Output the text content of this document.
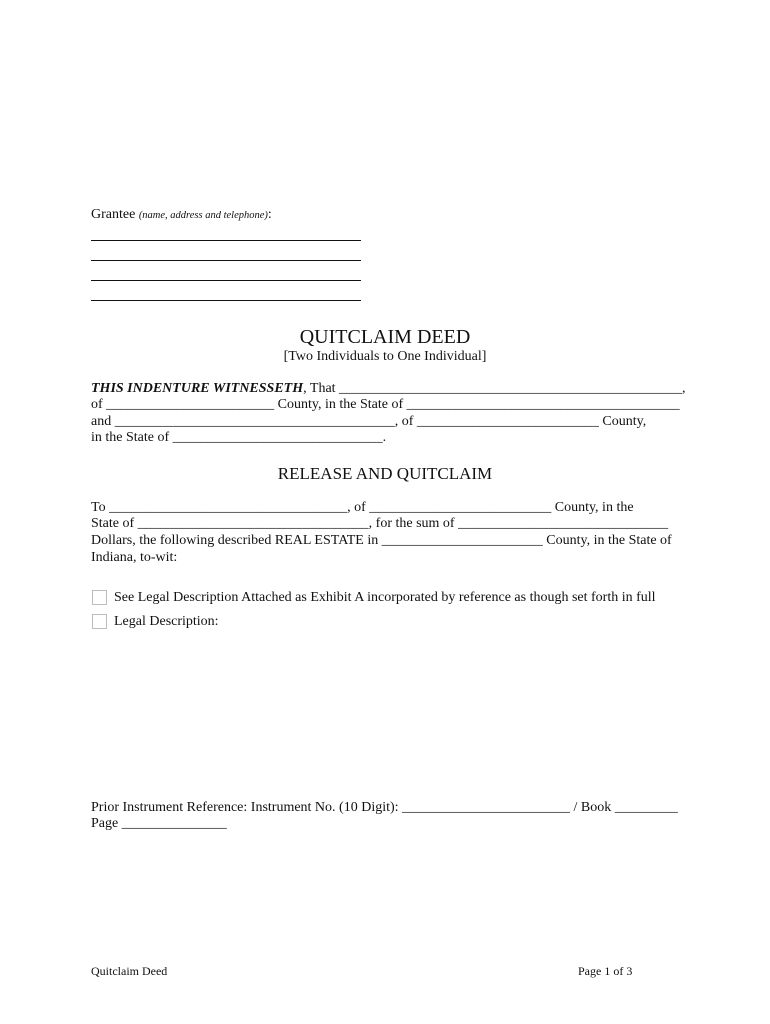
Grantee (name, address and telephone):
QUITCLAIM DEED
[Two Individuals to One Individual]
THIS INDENTURE WITNESSETH, That _________________________________________________,
of ________________________ County, in the State of _______________________________________
and ________________________________________, of __________________________ County,
in the State of ______________________________.
RELEASE AND QUITCLAIM
To __________________________________, of __________________________ County, in the
State of _________________________________, for the sum of ______________________________
Dollars, the following described REAL ESTATE in _______________________ County, in the State of
Indiana, to-wit:
See Legal Description Attached as Exhibit A incorporated by reference as though set forth in full
Legal Description:
Prior Instrument Reference: Instrument No. (10 Digit): ________________________ / Book _________
Page _______________
Quitclaim Deed	Page 1 of 3
